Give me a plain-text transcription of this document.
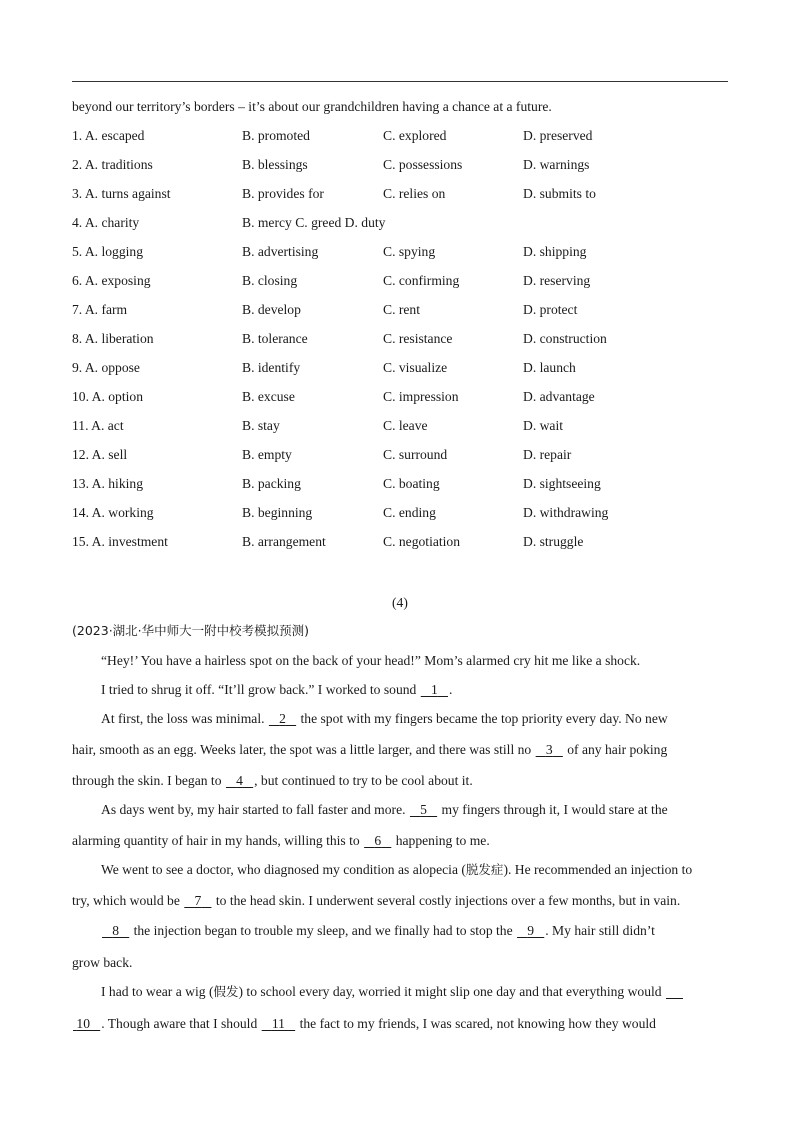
beyond our territory’s borders – it’s about our grandchildren having a chance at a future.
1. A. escaped	B. promoted	C. explored	D. preserved
2. A. traditions	B. blessings	C. possessions	D. warnings
3. A. turns against	B. provides for	C. relies on	D. submits to
4. A. charity	B. mercy C. greed D. duty
5. A. logging	B. advertising	C. spying	D. shipping
6. A. exposing	B. closing	C. confirming	D. reserving
7. A. farm	B. develop	C. rent	D. protect
8. A. liberation	B. tolerance	C. resistance	D. construction
9. A. oppose	B. identify	C. visualize	D. launch
10. A. option	B. excuse	C. impression	D. advantage
11. A. act	B. stay	C. leave	D. wait
12. A. sell	B. empty	C. surround	D. repair
13. A. hiking	B. packing	C. boating	D. sightseeing
14. A. working	B. beginning	C. ending	D. withdrawing
15. A. investment	B. arrangement	C. negotiation	D. struggle
(4)
(2023·湖北·华中师大一附中校考模拟预测)
“Hey!’ You have a hairless spot on the back of your head!” Mom’s alarmed cry hit me like a shock.
I tried to shrug it off. “It’ll grow back.” I worked to sound 1 .
At first, the loss was minimal. 2 the spot with my fingers became the top priority every day. No new
hair, smooth as an egg. Weeks later, the spot was a little larger, and there was still no 3 of any hair poking
through the skin. I began to 4 , but continued to try to be cool about it.
As days went by, my hair started to fall faster and more. 5 my fingers through it, I would stare at the
alarming quantity of hair in my hands, willing this to 6 happening to me.
We went to see a doctor, who diagnosed my condition as alopecia (脱发症). He recommended an injection to
try, which would be 7 to the head skin. I underwent several costly injections over a few months, but in vain.
8 the injection began to trouble my sleep, and we finally had to stop the 9 . My hair still didn’t
grow back.
I had to wear a wig (假发) to school every day, worried it might slip one day and that everything would
10 . Though aware that I should 11 the fact to my friends, I was scared, not knowing how they would
